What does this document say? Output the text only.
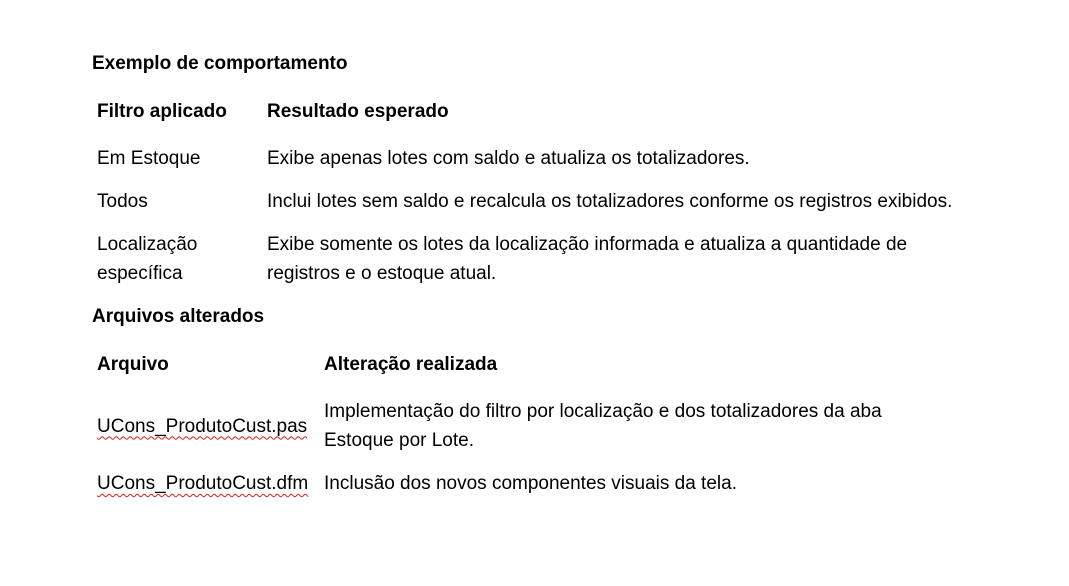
Exemplo de comportamento

Filtro aplicado	Resultado esperado
Em Estoque	Exibe apenas lotes com saldo e atualiza os totalizadores.
Todos	Inclui lotes sem saldo e recalcula os totalizadores conforme os registros exibidos.
Localização específica	Exibe somente os lotes da localização informada e atualiza a quantidade de registros e o estoque atual.

Arquivos alterados

Arquivo	Alteração realizada
UCons_ProdutoCust.pas	Implementação do filtro por localização e dos totalizadores da aba Estoque por Lote.
UCons_ProdutoCust.dfm	Inclusão dos novos componentes visuais da tela.
